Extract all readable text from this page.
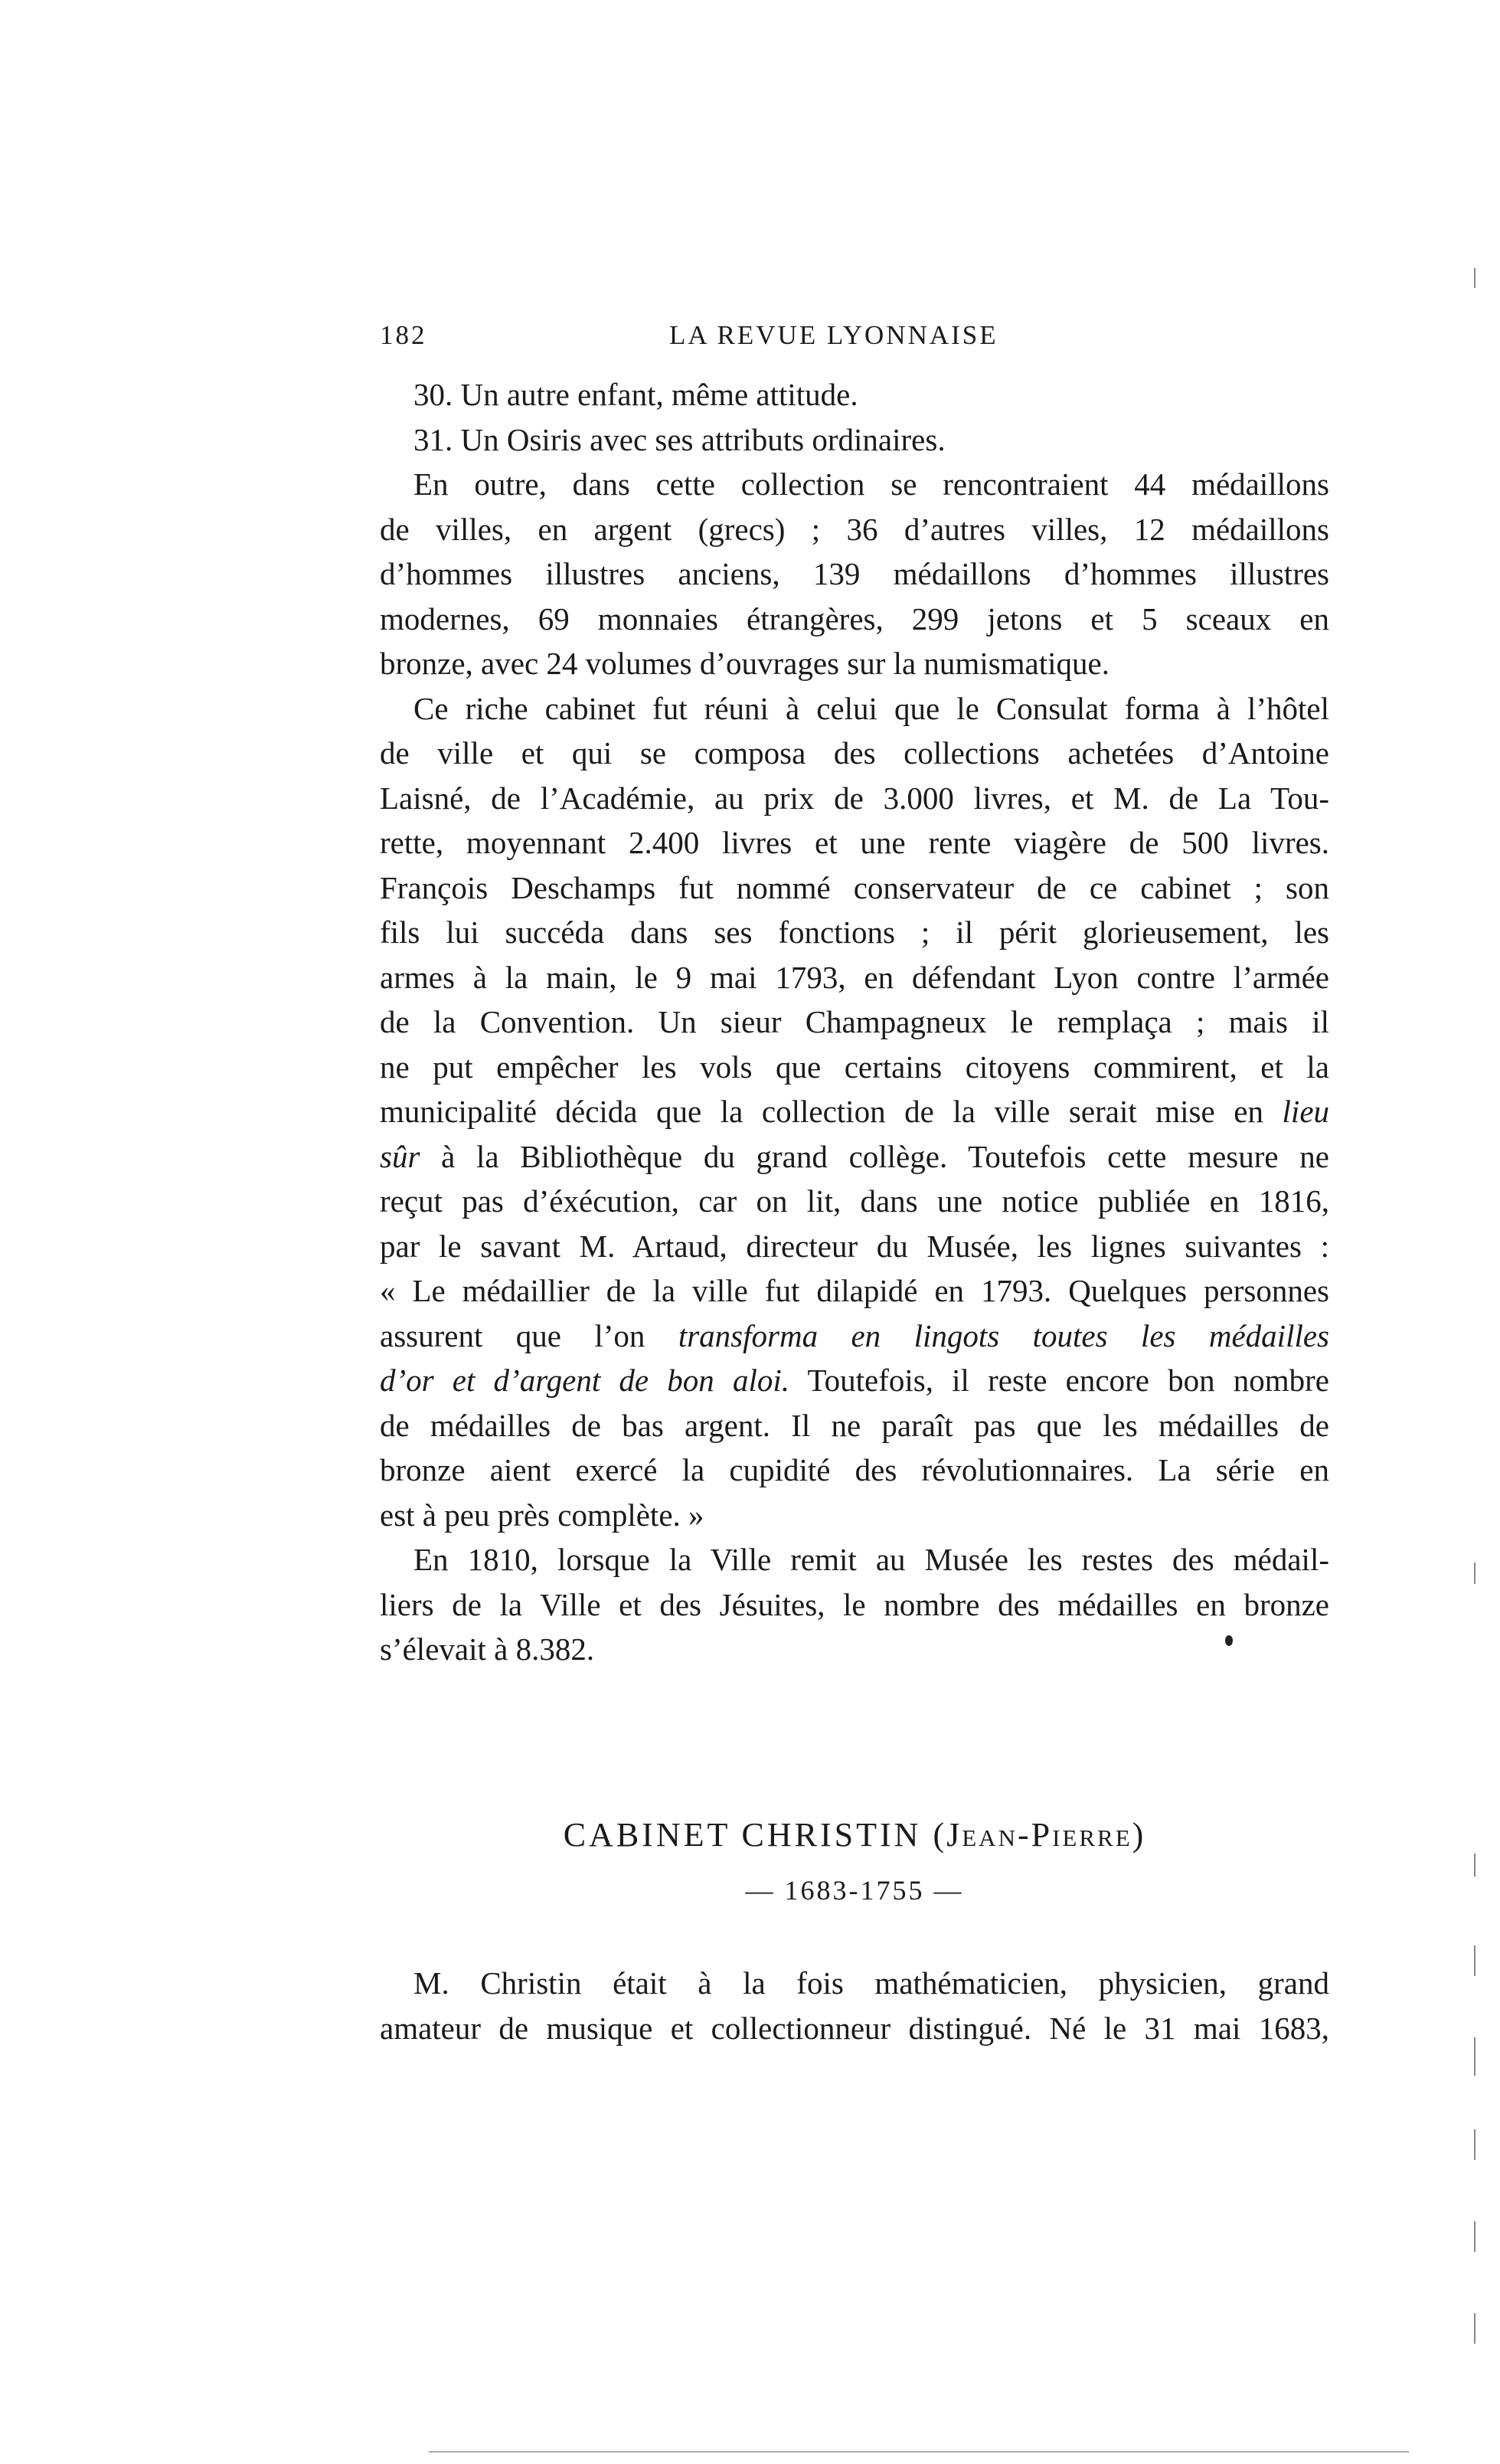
182	LA REVUE LYONNAISE
30. Un autre enfant, même attitude.
31. Un Osiris avec ses attributs ordinaires.
En outre, dans cette collection se rencontraient 44 médaillons
de villes, en argent (grecs) ; 36 d’autres villes, 12 médaillons
d’hommes illustres anciens, 139 médaillons d’hommes illustres
modernes, 69 monnaies étrangères, 299 jetons et 5 sceaux en
bronze, avec 24 volumes d’ouvrages sur la numismatique.
Ce riche cabinet fut réuni à celui que le Consulat forma à l’hôtel
de ville et qui se composa des collections achetées d’Antoine
Laisné, de l’Académie, au prix de 3.000 livres, et M. de La Tou-
rette, moyennant 2.400 livres et une rente viagère de 500 livres.
François Deschamps fut nommé conservateur de ce cabinet ; son
fils lui succéda dans ses fonctions ; il périt glorieusement, les
armes à la main, le 9 mai 1793, en défendant Lyon contre l’armée
de la Convention. Un sieur Champagneux le remplaça ; mais il
ne put empêcher les vols que certains citoyens commirent, et la
municipalité décida que la collection de la ville serait mise en lieu
sûr à la Bibliothèque du grand collège. Toutefois cette mesure ne
reçut pas d’éxécution, car on lit, dans une notice publiée en 1816,
par le savant M. Artaud, directeur du Musée, les lignes suivantes :
« Le médaillier de la ville fut dilapidé en 1793. Quelques personnes
assurent que l’on transforma en lingots toutes les médailles
d’or et d’argent de bon aloi. Toutefois, il reste encore bon nombre
de médailles de bas argent. Il ne paraît pas que les médailles de
bronze aient exercé la cupidité des révolutionnaires. La série en
est à peu près complète. »
En 1810, lorsque la Ville remit au Musée les restes des médail-
liers de la Ville et des Jésuites, le nombre des médailles en bronze
s’élevait à 8.382.
CABINET CHRISTIN (Jean-Pierre)
— 1683-1755 —
M. Christin était à la fois mathématicien, physicien, grand
amateur de musique et collectionneur distingué. Né le 31 mai 1683,
